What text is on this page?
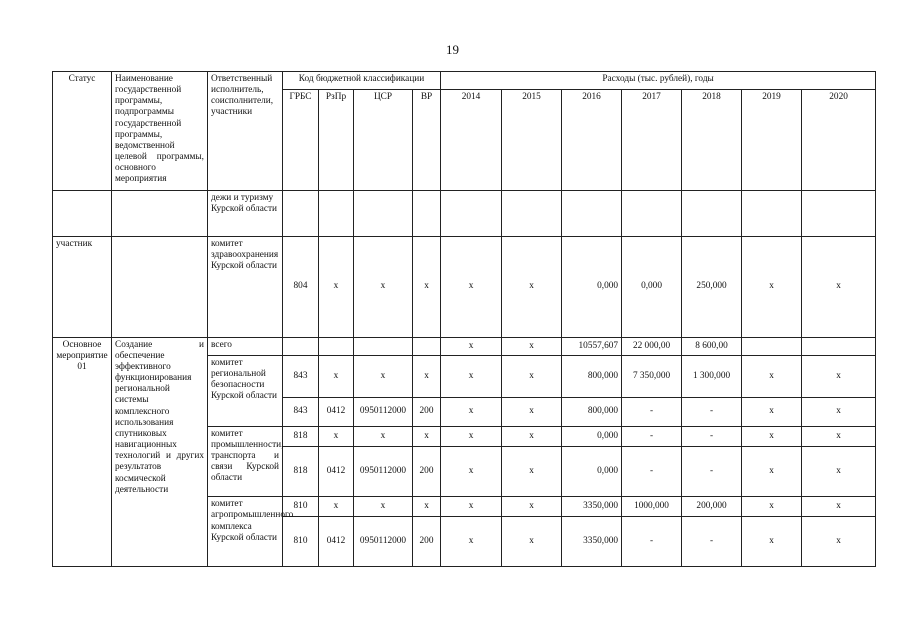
19
Статус	Наименование государственной программы, подпрограммы государственной программы, ведомственной целевой программы, основного мероприятия	Ответственный исполнитель, соисполнители, участники	Код бюджетной классификации				Расходы (тыс. рублей), годы						
			ГРБС	РзПр	ЦСР	ВР	2014	2015	2016	2017	2018	2019	2020
		дежи и туризму Курской области											
участник		комитет здравоохранения Курской области	804	х	х	х	х	х	0,000	0,000	250,000	х	х
Основное мероприятие 01	Создание и обеспечение эффективного функционирования региональной системы комплексного использования спутниковых навигационных технологий и других результатов космической деятельности	всего					х	х	10557,607	22 000,00	8 600,00		
		комитет региональной безопасности Курской области	843	х	х	х	х	х	800,000	7 350,000	1 300,000	х	х
			843	0412	0950112000	200	х	х	800,000	-	-	х	х
		комитет промышленности, транспорта и связи Курской области	818	х	х	х	х	х	0,000	-	-	х	х
			818	0412	0950112000	200	х	х	0,000	-	-	х	х
		комитет агропромышленного комплекса Курской области	810	х	х	х	х	х	3350,000	1000,000	200,000	х	х
			810	0412	0950112000	200	х	х	3350,000	-	-	х	х
